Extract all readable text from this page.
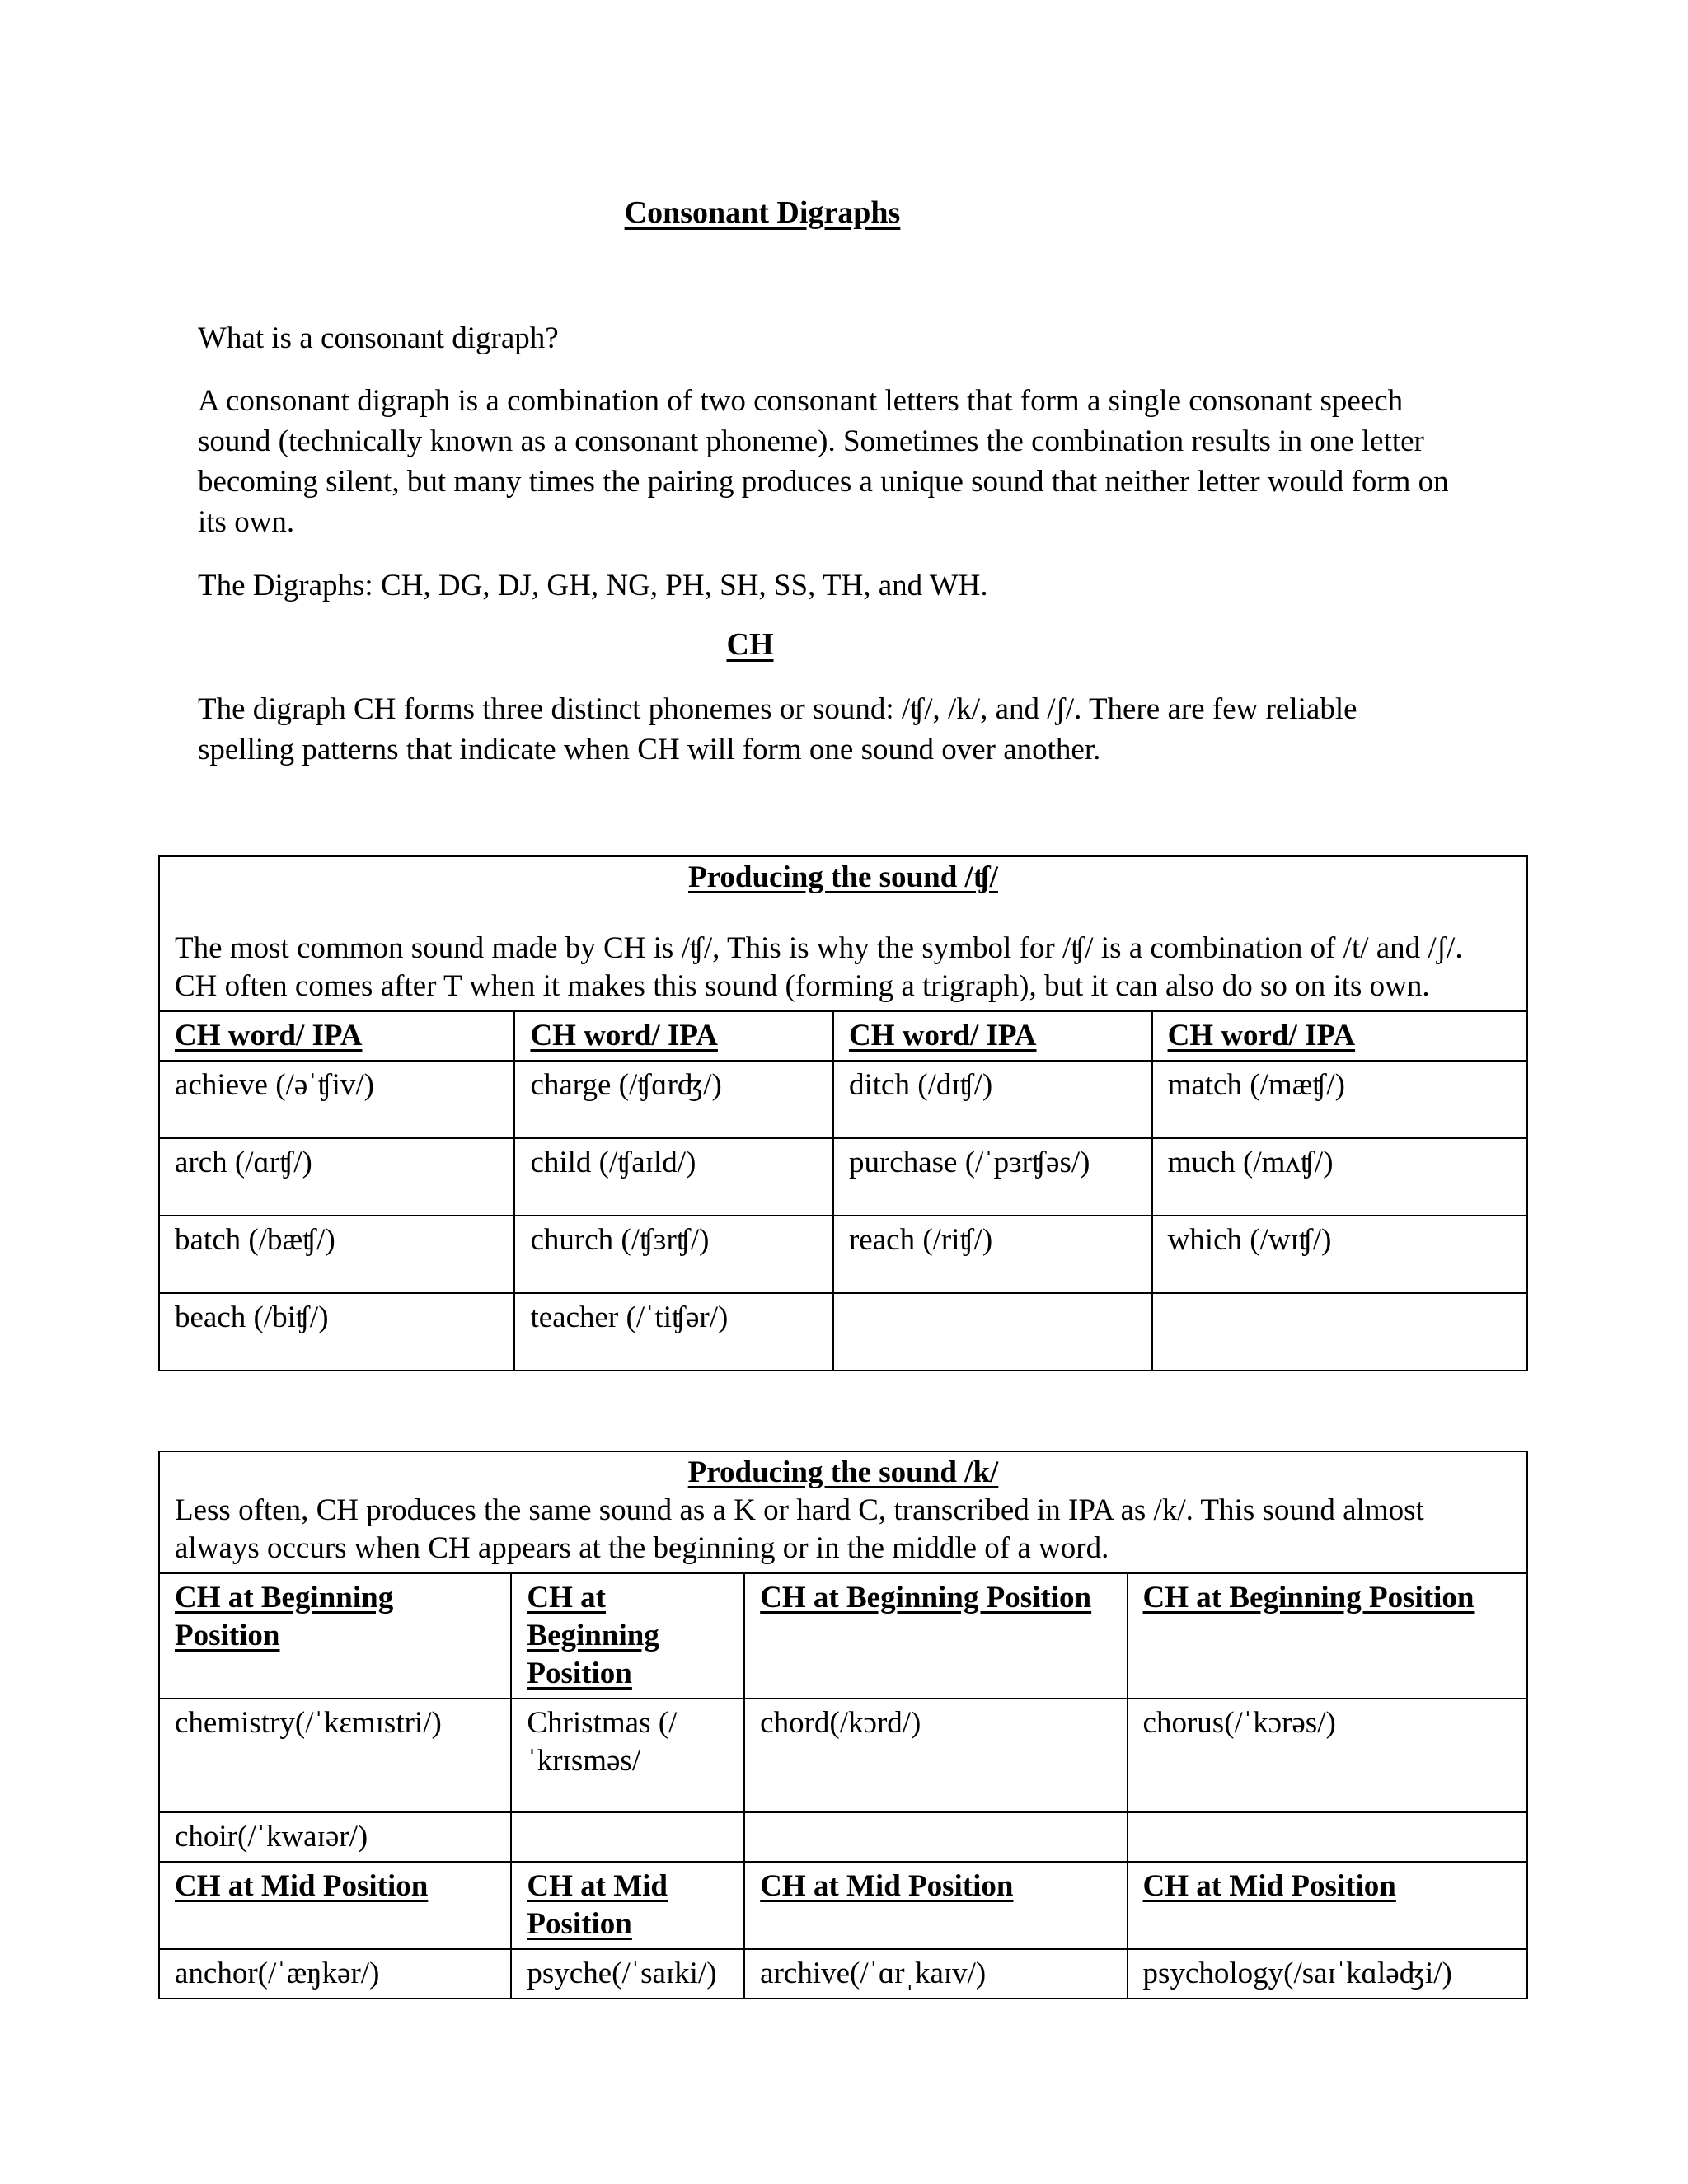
Consonant Digraphs
What is a consonant digraph?
A consonant digraph is a combination of two consonant letters that form a single consonant speech sound (technically known as a consonant phoneme). Sometimes the combination results in one letter becoming silent, but many times the pairing produces a unique sound that neither letter would form on its own.
The Digraphs: CH, DG, DJ, GH, NG, PH, SH, SS, TH, and WH.
CH
The digraph CH forms three distinct phonemes or sound: /ʧ/, /k/, and /ʃ/. There are few reliable spelling patterns that indicate when CH will form one sound over another.
Producing the sound /ʧ/
The most common sound made by CH is /ʧ/, This is why the symbol for /ʧ/ is a combination of /t/ and /ʃ/. CH often comes after T when it makes this sound (forming a trigraph), but it can also do so on its own.			

CH word/ IPA	CH word/ IPA	CH word/ IPA	CH word/ IPA
achieve (/əˈʧiv/)	charge (/ʧɑrʤ/)	ditch (/dɪʧ/)	match (/mæʧ/)
arch (/ɑrʧ/)	child (/ʧaɪld/)	purchase (/ˈpɜrʧəs/)	much (/mʌʧ/)
batch (/bæʧ/)	church (/ʧɜrʧ/)	reach (/riʧ/)	which (/wɪʧ/)
beach (/biʧ/)	teacher (/ˈtiʧər/)		
Producing the sound /k/
Less often, CH produces the same sound as a K or hard C, transcribed in IPA as /k/. This sound almost always occurs when CH appears at the beginning or in the middle of a word.			

CH at Beginning Position	CH at Beginning Position	CH at Beginning Position	CH at Beginning Position
chemistry(/ˈkɛmɪstri/)	Christmas (/ˈkrɪsməs/	chord(/kɔrd/)	chorus(/ˈkɔrəs/)
choir(/ˈkwaɪər/)			
CH at Mid Position	CH at Mid Position	CH at Mid Position	CH at Mid Position
anchor(/ˈæŋkər/)	psyche(/ˈsaɪki/)	archive(/ˈɑrˌkaɪv/)	psychology(/saɪˈkɑləʤi/)
